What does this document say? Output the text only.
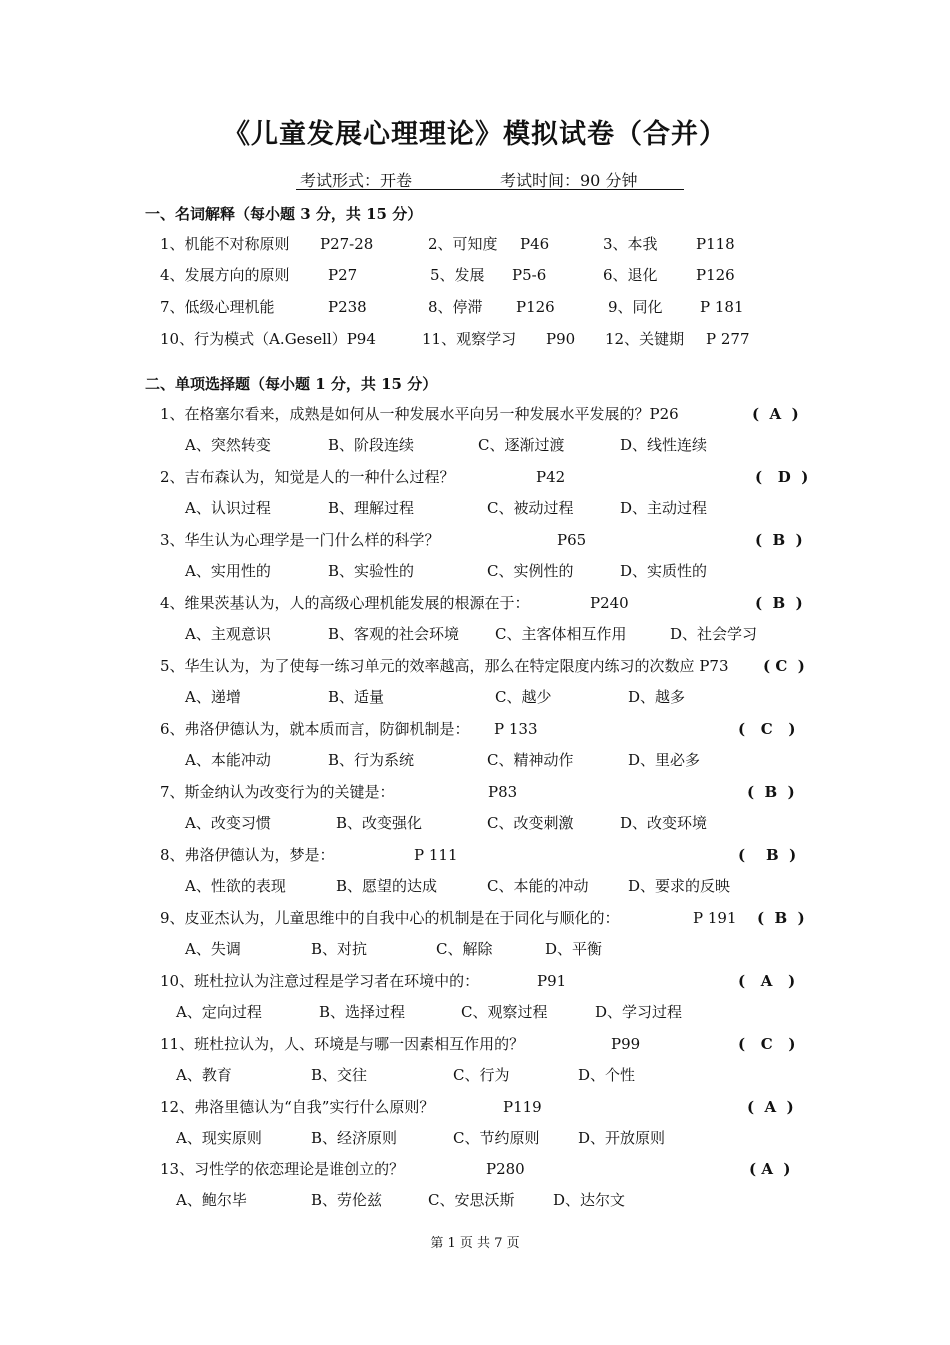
《儿童发展心理理论》模拟试卷（合并）
考试形式：开卷	考试时间：90 分钟
一、名词解释（每小题 3 分，共 15 分）
1、机能不对称原则 P27-28	2、可知度 P46	3、本我	P118
4、发展方向的原则	P27	5、发展 P5-6	6、退化	P126
7、低级心理机能	P238	8、停滞 P126	9、同化 P 181
10、行为模式（A.Gesell）P94	11、观察学习 P90 12、关键期 P 277
二、单项选择题（每小题 1 分，共 15 分）
1、在格塞尔看来，成熟是如何从一种发展水平向另一种发展水平发展的？P26	(  A  )
A、突然转变	B、阶段连续	C、逐渐过渡	D、线性连续
2、吉布森认为，知觉是人的一种什么过程？	P42	(   D  )
A、认识过程	B、理解过程	C、被动过程	D、主动过程
3、华生认为心理学是一门什么样的科学？	P65	(  B  )
A、实用性的	B、实验性的	C、实例性的	D、实质性的
4、维果茨基认为，人的高级心理机能发展的根源在于：	P240	(  B  )
A、主观意识	B、客观的社会环境 C、主客体相互作用	D、社会学习
5、华生认为，为了使每一练习单元的效率越高，那么在特定限度内练习的次数应 P73 ( C  )
A、递增	B、适量	C、越少	D、越多
6、弗洛伊德认为，就本质而言，防御机制是： P 133	(   C   )
A、本能冲动	B、行为系统	C、精神动作	D、里必多
7、斯金纳认为改变行为的关键是：	P83	(  B  )
A、改变习惯	B、改变强化	C、改变刺激	D、改变环境
8、弗洛伊德认为，梦是：	P 111	(    B  )
A、性欲的表现	B、愿望的达成	C、本能的冲动	D、要求的反映
9、皮亚杰认为，儿童思维中的自我中心的机制是在于同化与顺化的：	P 191 (  B  )
A、失调	B、对抗	C、解除	D、平衡
10、班杜拉认为注意过程是学习者在环境中的：	P91	(   A   )
A、定向过程	B、选择过程	C、观察过程	D、学习过程
11、班杜拉认为，人、环境是与哪一因素相互作用的？	P99	(   C   )
A、教育	B、交往	C、行为	D、个性
12、弗洛里德认为“自我”实行什么原则？	P119	(  A  )
A、现实原则	B、经济原则	C、节约原则	D、开放原则
13、习性学的依恋理论是谁创立的？	P280	( A  )
A、鲍尔毕	B、劳伦兹	C、安思沃斯	D、达尔文
第 1 页 共 7 页
